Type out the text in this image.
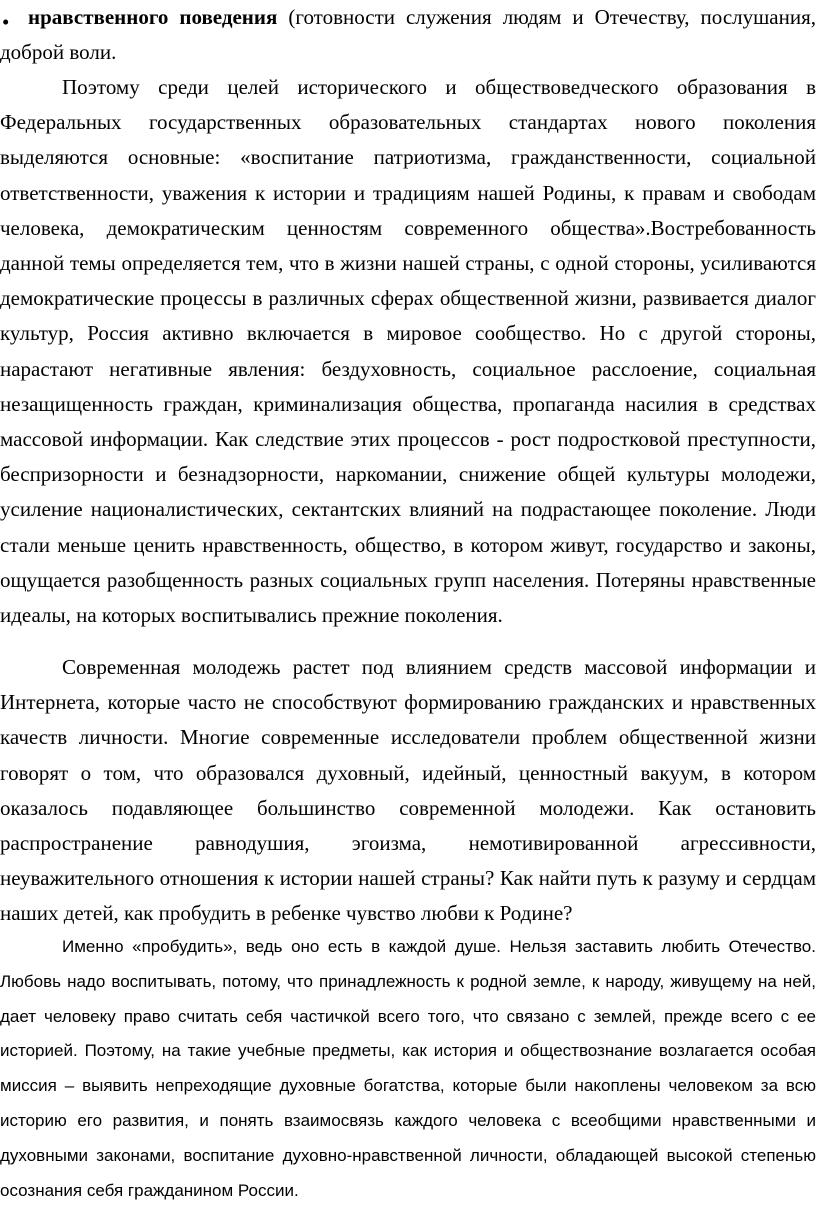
• нравственного поведения (готовности служения людям и Отечеству, послушания, доброй воли.

Поэтому среди целей исторического и обществоведческого образования в Федеральных государственных образовательных стандартах нового поколения выделяются основные: «воспитание патриотизма, гражданственности, социальной ответственности, уважения к истории и традициям нашей Родины, к правам и свободам человека, демократическим ценностям современного общества».Востребованность данной темы определяется тем, что в жизни нашей страны, с одной стороны, усиливаются демократические процессы в различных сферах общественной жизни, развивается диалог культур, Россия активно включается в мировое сообщество. Но с другой стороны, нарастают негативные явления: бездуховность, социальное расслоение, социальная незащищенность граждан, криминализация общества, пропаганда насилия в средствах массовой информации. Как следствие этих процессов - рост подростковой преступности, беспризорности и безнадзорности, наркомании, снижение общей культуры молодежи, усиление националистических, сектантских влияний на подрастающее поколение. Люди стали меньше ценить нравственность, общество, в котором живут, государство и законы, ощущается разобщенность разных социальных групп населения. Потеряны нравственные идеалы, на которых воспитывались прежние поколения.

Современная молодежь растет под влиянием средств массовой информации и Интернета, которые часто не способствуют формированию гражданских и нравственных качеств личности. Многие современные исследователи проблем общественной жизни говорят о том, что образовался духовный, идейный, ценностный вакуум, в котором оказалось подавляющее большинство современной молодежи. Как остановить распространение равнодушия, эгоизма, немотивированной агрессивности, неуважительного отношения к истории нашей страны? Как найти путь к разуму и сердцам наших детей, как пробудить в ребенке чувство любви к Родине?

Именно «пробудить», ведь оно есть в каждой душе. Нельзя заставить любить Отечество. Любовь надо воспитывать, потому, что принадлежность к родной земле, к народу, живущему на ней, дает человеку право считать себя частичкой всего того, что связано с землей, прежде всего с ее историей. Поэтому, на такие учебные предметы, как история и обществознание возлагается особая миссия – выявить непреходящие духовные богатства, которые были накоплены человеком за всю историю его развития, и понять взаимосвязь каждого человека с всеобщими нравственными и духовными законами, воспитание духовно-нравственной личности, обладающей высокой степенью осознания себя гражданином России.
